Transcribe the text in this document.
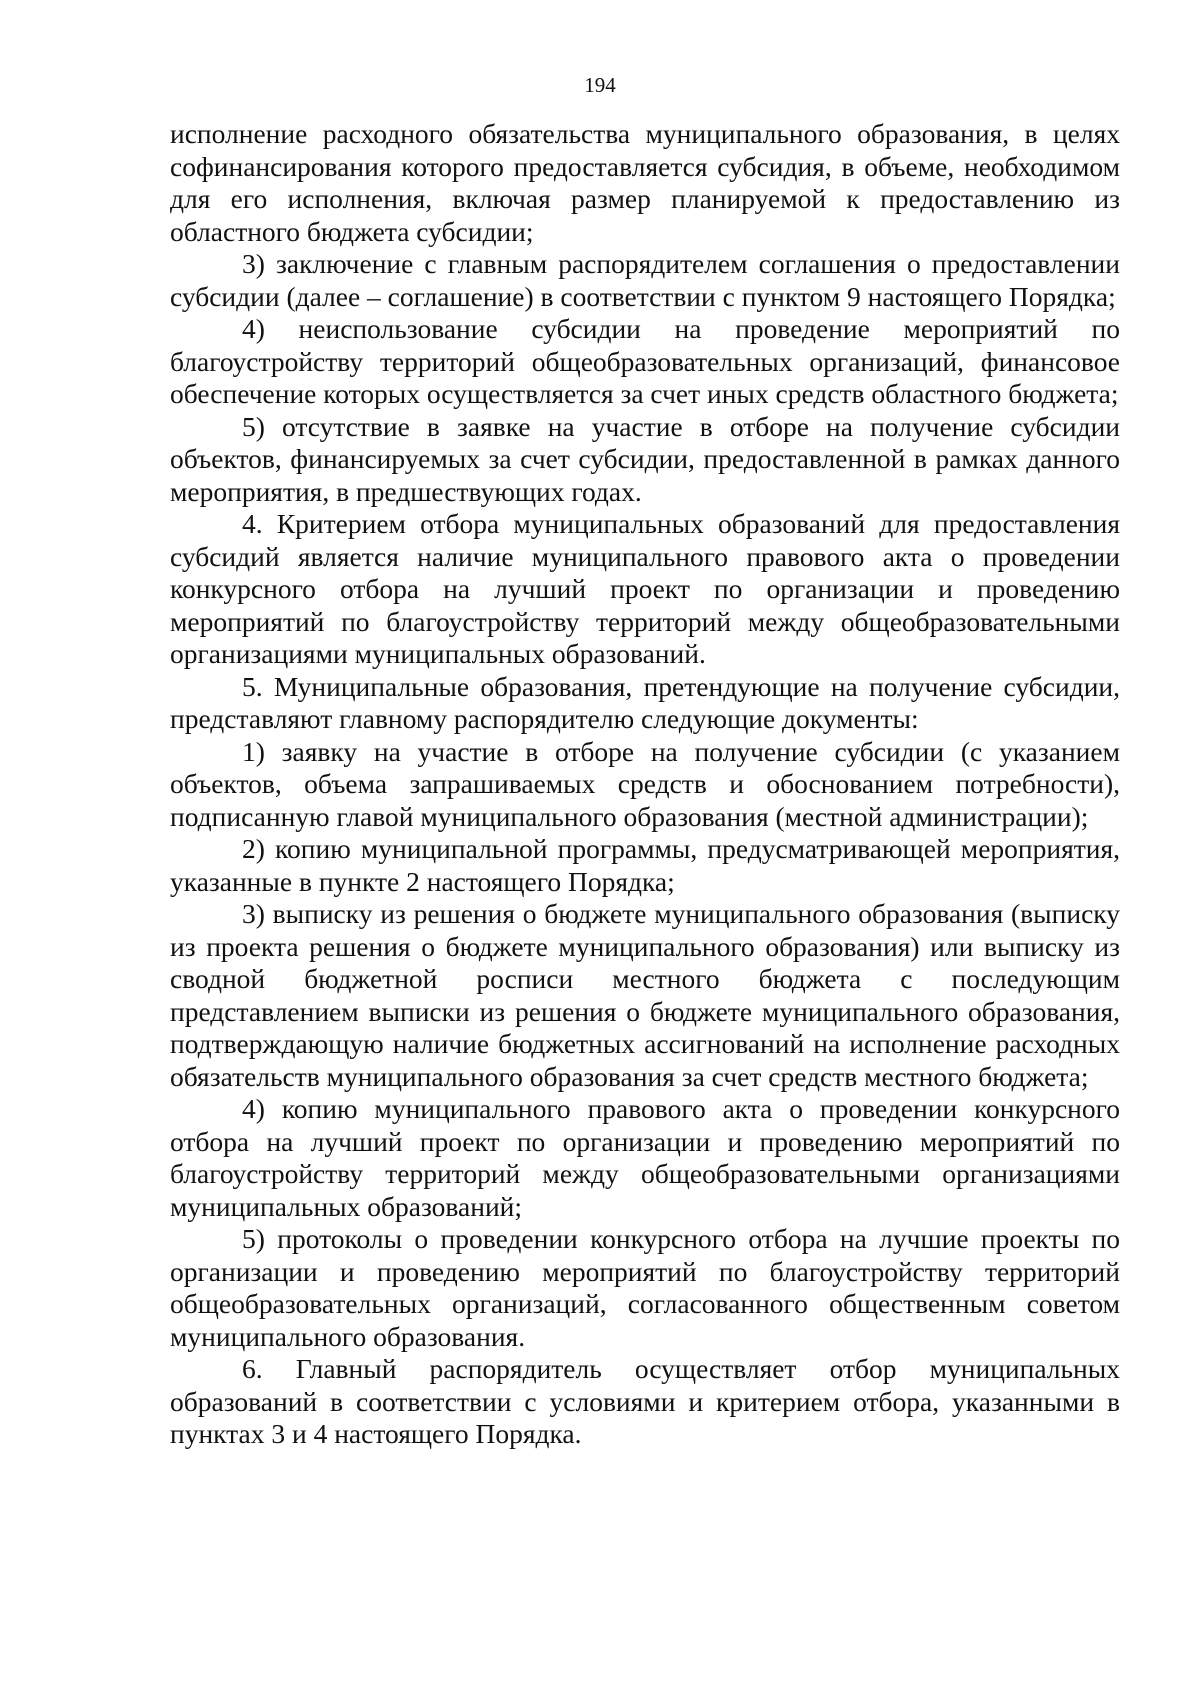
194

исполнение расходного обязательства муниципального образования, в целях софинансирования которого предоставляется субсидия, в объеме, необходимом для его исполнения, включая размер планируемой к предоставлению из областного бюджета субсидии;

3) заключение с главным распорядителем соглашения о предоставлении субсидии (далее – соглашение) в соответствии с пунктом 9 настоящего Порядка;

4) неиспользование субсидии на проведение мероприятий по благоустройству территорий общеобразовательных организаций, финансовое обеспечение которых осуществляется за счет иных средств областного бюджета;

5) отсутствие в заявке на участие в отборе на получение субсидии объектов, финансируемых за счет субсидии, предоставленной в рамках данного мероприятия, в предшествующих годах.

4. Критерием отбора муниципальных образований для предоставления субсидий является наличие муниципального правового акта о проведении конкурсного отбора на лучший проект по организации и проведению мероприятий по благоустройству территорий между общеобразовательными организациями муниципальных образований.

5. Муниципальные образования, претендующие на получение субсидии, представляют главному распорядителю следующие документы:

1) заявку на участие в отборе на получение субсидии (с указанием объектов, объема запрашиваемых средств и обоснованием потребности), подписанную главой муниципального образования (местной администрации);

2) копию муниципальной программы, предусматривающей мероприятия, указанные в пункте 2 настоящего Порядка;

3) выписку из решения о бюджете муниципального образования (выписку из проекта решения о бюджете муниципального образования) или выписку из сводной бюджетной росписи местного бюджета с последующим представлением выписки из решения о бюджете муниципального образования, подтверждающую наличие бюджетных ассигнований на исполнение расходных обязательств муниципального образования за счет средств местного бюджета;

4) копию муниципального правового акта о проведении конкурсного отбора на лучший проект по организации и проведению мероприятий по благоустройству территорий между общеобразовательными организациями муниципальных образований;

5) протоколы о проведении конкурсного отбора на лучшие проекты по организации и проведению мероприятий по благоустройству территорий общеобразовательных организаций, согласованного общественным советом муниципального образования.

6. Главный распорядитель осуществляет отбор муниципальных образований в соответствии с условиями и критерием отбора, указанными в пунктах 3 и 4 настоящего Порядка.
